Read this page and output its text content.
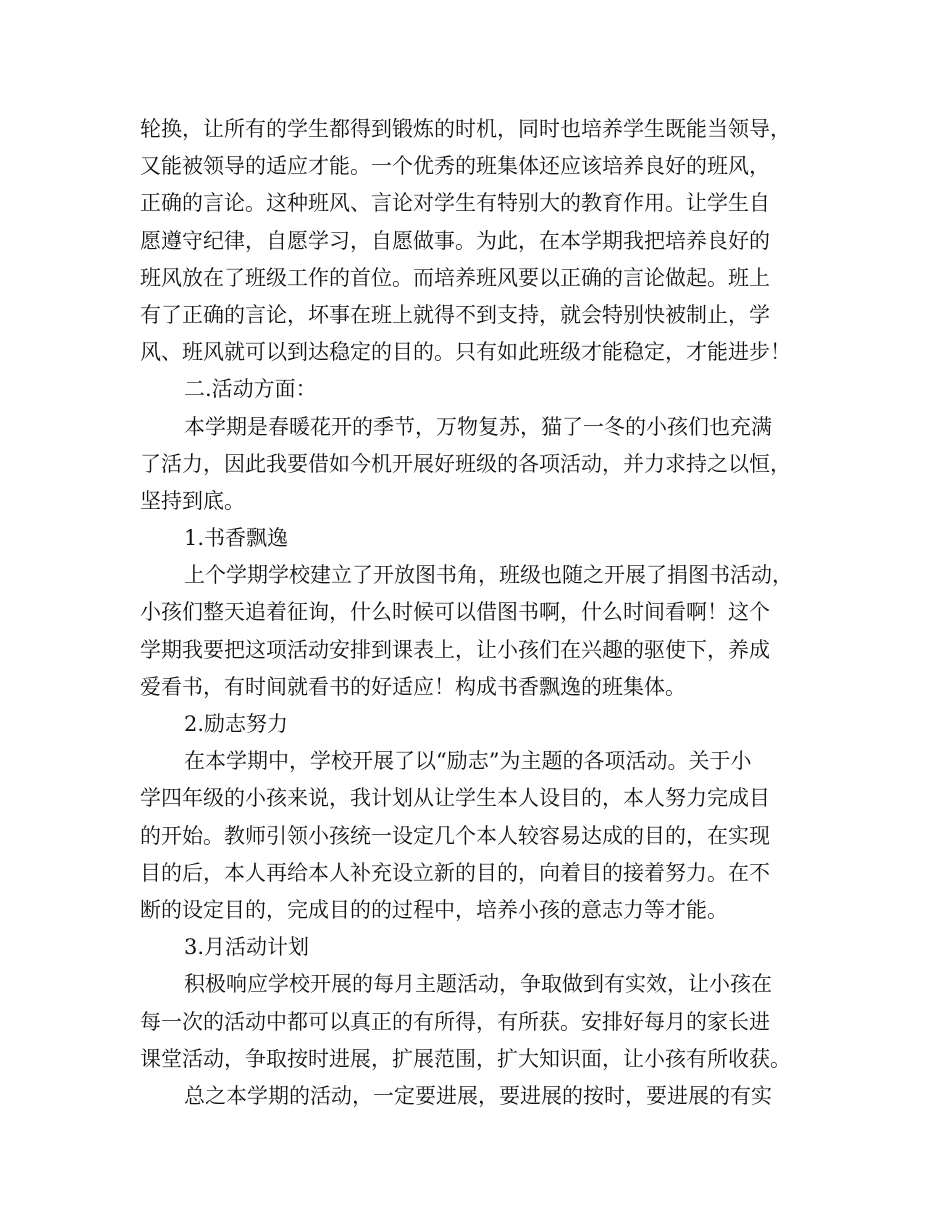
轮换，让所有的学生都得到锻炼的时机，同时也培养学生既能当领导，
又能被领导的适应才能。一个优秀的班集体还应该培养良好的班风，
正确的言论。这种班风、言论对学生有特别大的教育作用。让学生自
愿遵守纪律，自愿学习，自愿做事。为此，在本学期我把培养良好的
班风放在了班级工作的首位。而培养班风要以正确的言论做起。班上
有了正确的言论，坏事在班上就得不到支持，就会特别快被制止，学
风、班风就可以到达稳定的目的。只有如此班级才能稳定，才能进步！
二.活动方面：
本学期是春暖花开的季节，万物复苏，猫了一冬的小孩们也充满
了活力，因此我要借如今机开展好班级的各项活动，并力求持之以恒，
坚持到底。
1.书香飘逸
上个学期学校建立了开放图书角，班级也随之开展了捐图书活动，
小孩们整天追着征询，什么时候可以借图书啊，什么时间看啊！这个
学期我要把这项活动安排到课表上，让小孩们在兴趣的驱使下，养成
爱看书，有时间就看书的好适应！构成书香飘逸的班集体。
2.励志努力
在本学期中，学校开展了以“励志”为主题的各项活动。关于小
学四年级的小孩来说，我计划从让学生本人设目的，本人努力完成目
的开始。教师引领小孩统一设定几个本人较容易达成的目的，在实现
目的后，本人再给本人补充设立新的目的，向着目的接着努力。在不
断的设定目的，完成目的的过程中，培养小孩的意志力等才能。
3.月活动计划
积极响应学校开展的每月主题活动，争取做到有实效，让小孩在
每一次的活动中都可以真正的有所得，有所获。安排好每月的家长进
课堂活动，争取按时进展，扩展范围，扩大知识面，让小孩有所收获。
总之本学期的活动，一定要进展，要进展的按时，要进展的有实
